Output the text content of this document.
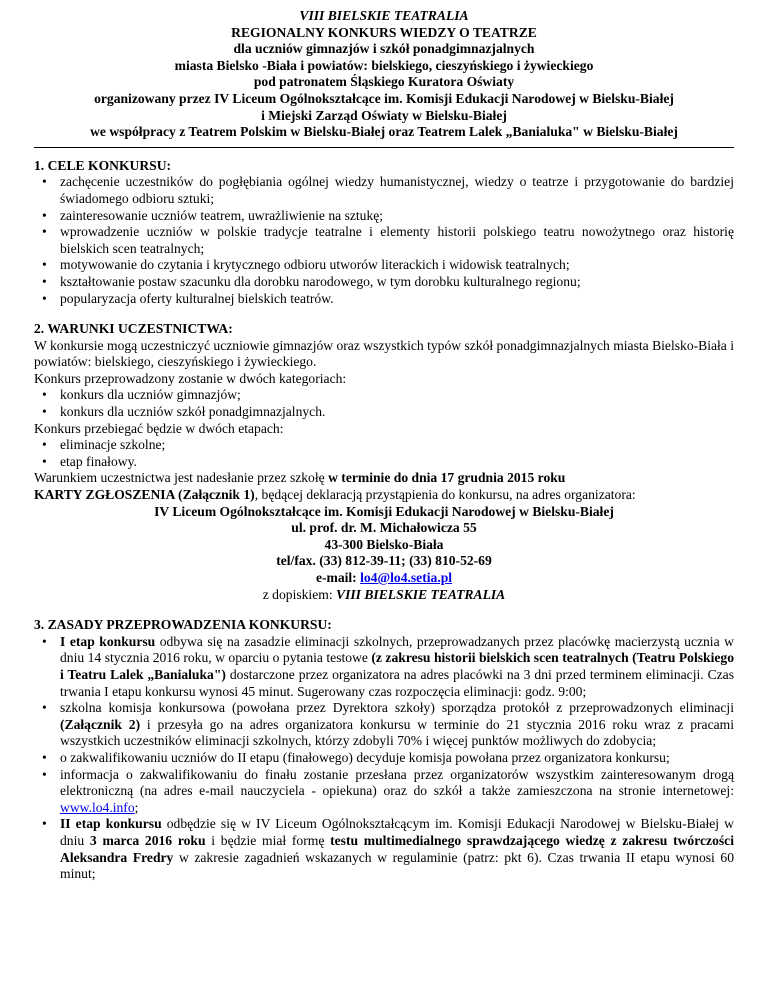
VIII BIELSKIE TEATRALIA
REGIONALNY KONKURS WIEDZY O TEATRZE
dla uczniów gimnazjów i szkół ponadgimnazjalnych
miasta Bielsko -Biała i powiatów: bielskiego, cieszyńskiego i żywieckiego
pod patronatem Śląskiego Kuratora Oświaty
organizowany przez IV Liceum Ogólnokształcące im. Komisji Edukacji Narodowej w Bielsku-Białej
i Miejski Zarząd Oświaty w Bielsku-Białej
we współpracy z Teatrem Polskim w Bielsku-Białej oraz Teatrem Lalek „Banialuka" w Bielsku-Białej
1. CELE KONKURSU:
• zachęcenie uczestników do pogłębiania ogólnej wiedzy humanistycznej, wiedzy o teatrze i przygotowanie do bardziej świadomego odbioru sztuki;
• zainteresowanie uczniów teatrem, uwrażliwienie na sztukę;
• wprowadzenie uczniów w polskie tradycje teatralne i elementy historii polskiego teatru nowożytnego oraz historię bielskich scen teatralnych;
• motywowanie do czytania i krytycznego odbioru utworów literackich i widowisk teatralnych;
• kształtowanie postaw szacunku dla dorobku narodowego, w tym dorobku kulturalnego regionu;
• popularyzacja oferty kulturalnej bielskich teatrów.
2. WARUNKI UCZESTNICTWA:

W konkursie mogą uczestniczyć uczniowie gimnazjów oraz wszystkich typów szkół ponadgimnazjalnych miasta Bielsko-Biała i powiatów: bielskiego, cieszyńskiego i żywieckiego.

Konkurs przeprowadzony zostanie w dwóch kategoriach:

• konkurs dla uczniów gimnazjów;
• konkurs dla uczniów szkół ponadgimnazjalnych.

Konkurs przebiegać będzie w dwóch etapach:

• eliminacje szkolne;
• etap finałowy.

Warunkiem uczestnictwa jest nadesłanie przez szkołę w terminie do dnia 17 grudnia 2015 roku

KARTY ZGŁOSZENIA (Załącznik 1), będącej deklaracją przystąpienia do konkursu, na adres organizatora:

IV Liceum Ogólnokształcące im. Komisji Edukacji Narodowej w Bielsku-Białej
ul. prof. dr. M. Michałowicza 55
43-300 Bielsko-Biała
tel/fax. (33) 812-39-11; (33) 810-52-69
e-mail: lo4@lo4.setia.pl
z dopiskiem: VIII BIELSKIE TEATRALIA
3. ZASADY PRZEPROWADZENIA KONKURSU:
• I etap konkursu odbywa się na zasadzie eliminacji szkolnych, przeprowadzanych przez placówkę macierzystą ucznia w dniu 14 stycznia 2016 roku, w oparciu o pytania testowe (z zakresu historii bielskich scen teatralnych (Teatru Polskiego i Teatru Lalek „Banialuka") dostarczone przez organizatora na adres placówki na 3 dni przed terminem eliminacji. Czas trwania I etapu konkursu wynosi 45 minut. Sugerowany czas rozpoczęcia eliminacji: godz. 9:00;
• szkolna komisja konkursowa (powołana przez Dyrektora szkoły) sporządza protokół z przeprowadzonych eliminacji (Załącznik 2) i przesyła go na adres organizatora konkursu w terminie do 21 stycznia 2016 roku wraz z pracami wszystkich uczestników eliminacji szkolnych, którzy zdobyli 70% i więcej punktów możliwych do zdobycia;
• o zakwalifikowaniu uczniów do II etapu (finałowego) decyduje komisja powołana przez organizatora konkursu;
• informacja o zakwalifikowaniu do finału zostanie przesłana przez organizatorów wszystkim zainteresowanym drogą elektroniczną (na adres e-mail nauczyciela - opiekuna) oraz do szkół a także zamieszczona na stronie internetowej: www.lo4.info;
• II etap konkursu odbędzie się w IV Liceum Ogólnokształcącym im. Komisji Edukacji Narodowej w Bielsku-Białej w dniu 3 marca 2016 roku i będzie miał formę testu multimedialnego sprawdzającego wiedzę z zakresu twórczości Aleksandra Fredry w zakresie zagadnień wskazanych w regulaminie (patrz: pkt 6). Czas trwania II etapu wynosi 60 minut;
